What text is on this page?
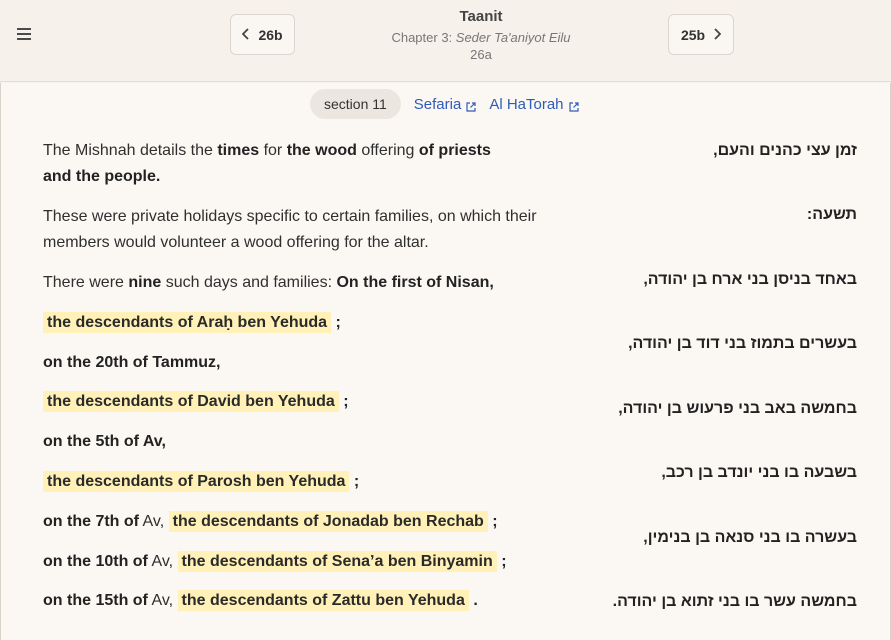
26b
Taanit
Chapter 3: Seder Ta'aniyot Eilu
26a
25b
section 11	Sefaria Al HaTorah
The Mishnah details the times for the wood offering of priests
and the people.
These were private holidays specific to certain families, on which their members would volunteer a wood offering for the altar.
There were nine such days and families: On the first of Nisan,
the descendants of Araḥ ben Yehuda ;
on the 20th of Tammuz,
the descendants of David ben Yehuda ;
on the 5th of Av,
the descendants of Parosh ben Yehuda ;
on the 7th of Av, the descendants of Jonadab ben Rechab ;
on the 10th of Av, the descendants of Sena’a ben Binyamin ;
on the 15th of Av, the descendants of Zattu ben Yehuda .
זמן עצי כהנים והעם,
תשעה:
באחד בניסן בני ארח בן יהודה,
בעשרים בתמוז בני דוד בן יהודה,
בחמשה באב בני פרעוש בן יהודה,
בשבעה בו בני יונדב בן רכב,
בעשרה בו בני סנאה בן בנימין,
בחמשה עשר בו בני זתוא בן יהודה.
